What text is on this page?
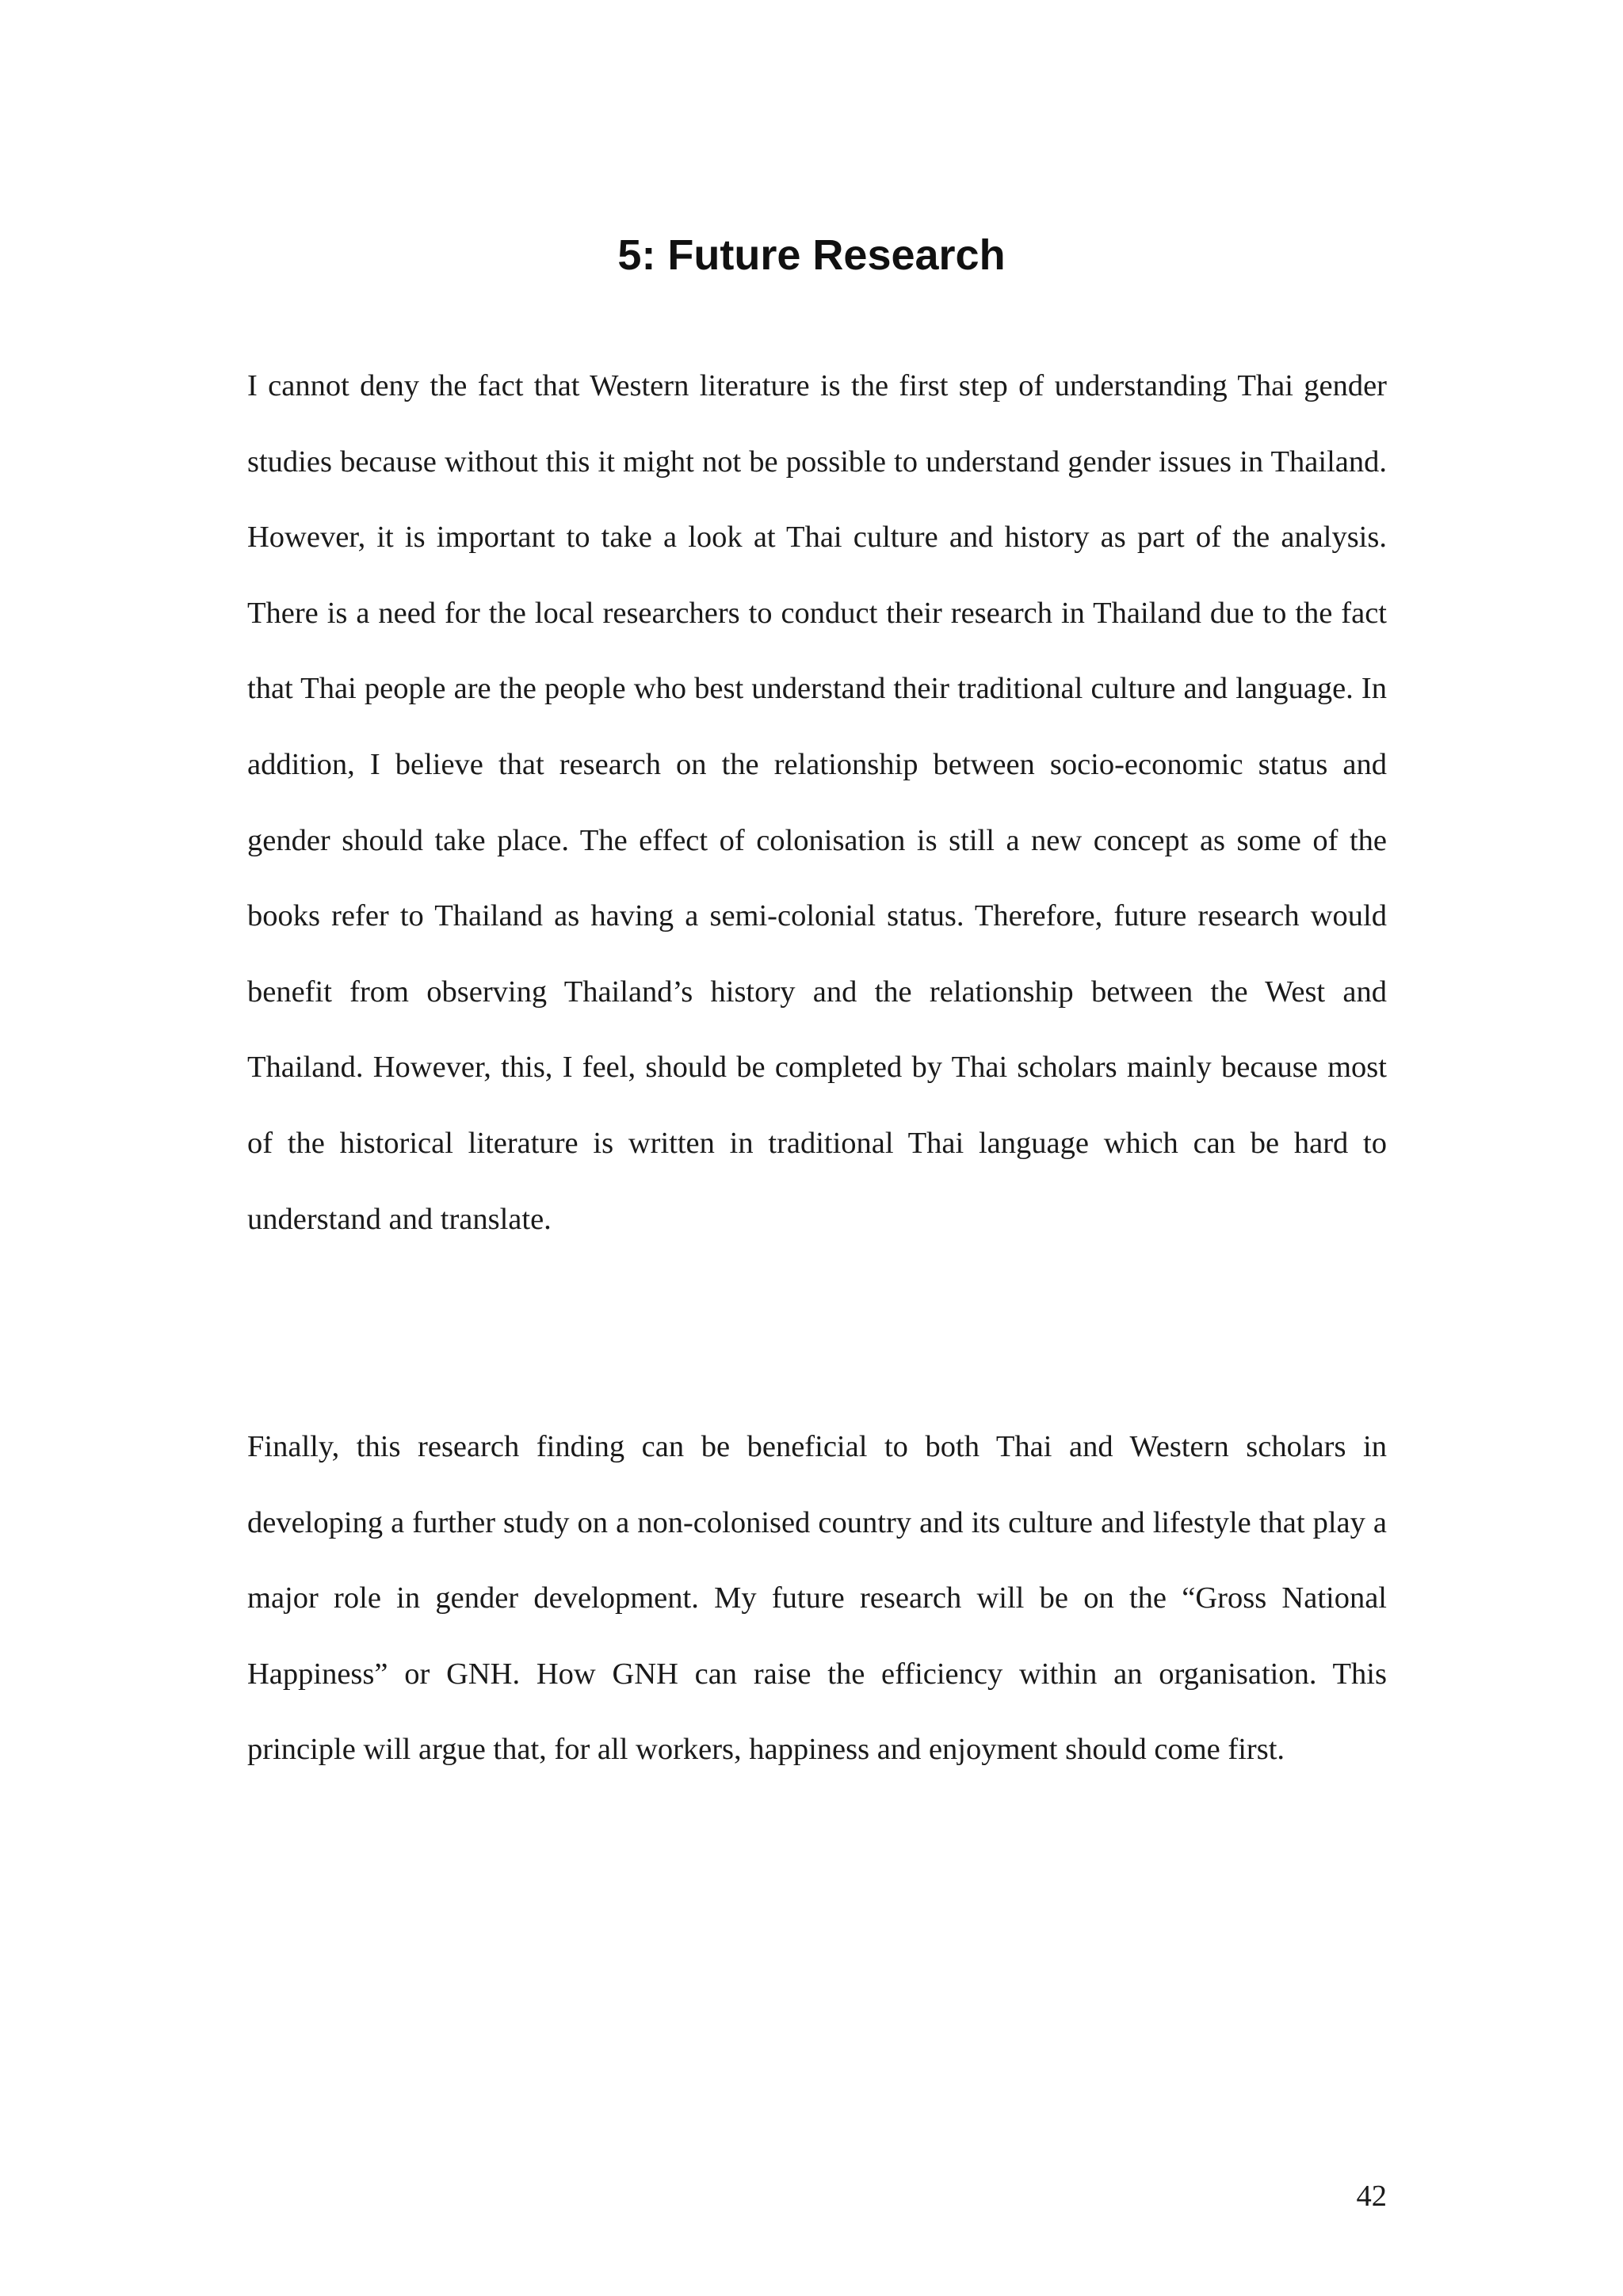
5: Future Research

I cannot deny the fact that Western literature is the first step of understanding Thai gender studies because without this it might not be possible to understand gender issues in Thailand. However, it is important to take a look at Thai culture and history as part of the analysis. There is a need for the local researchers to conduct their research in Thailand due to the fact that Thai people are the people who best understand their traditional culture and language. In addition, I believe that research on the relationship between socio-economic status and gender should take place. The effect of colonisation is still a new concept as some of the books refer to Thailand as having a semi-colonial status. Therefore, future research would benefit from observing Thailand’s history and the relationship between the West and Thailand. However, this, I feel, should be completed by Thai scholars mainly because most of the historical literature is written in traditional Thai language which can be hard to understand and translate.

Finally, this research finding can be beneficial to both Thai and Western scholars in developing a further study on a non-colonised country and its culture and lifestyle that play a major role in gender development. My future research will be on the “Gross National Happiness” or GNH. How GNH can raise the efficiency within an organisation. This principle will argue that, for all workers, happiness and enjoyment should come first.

42
